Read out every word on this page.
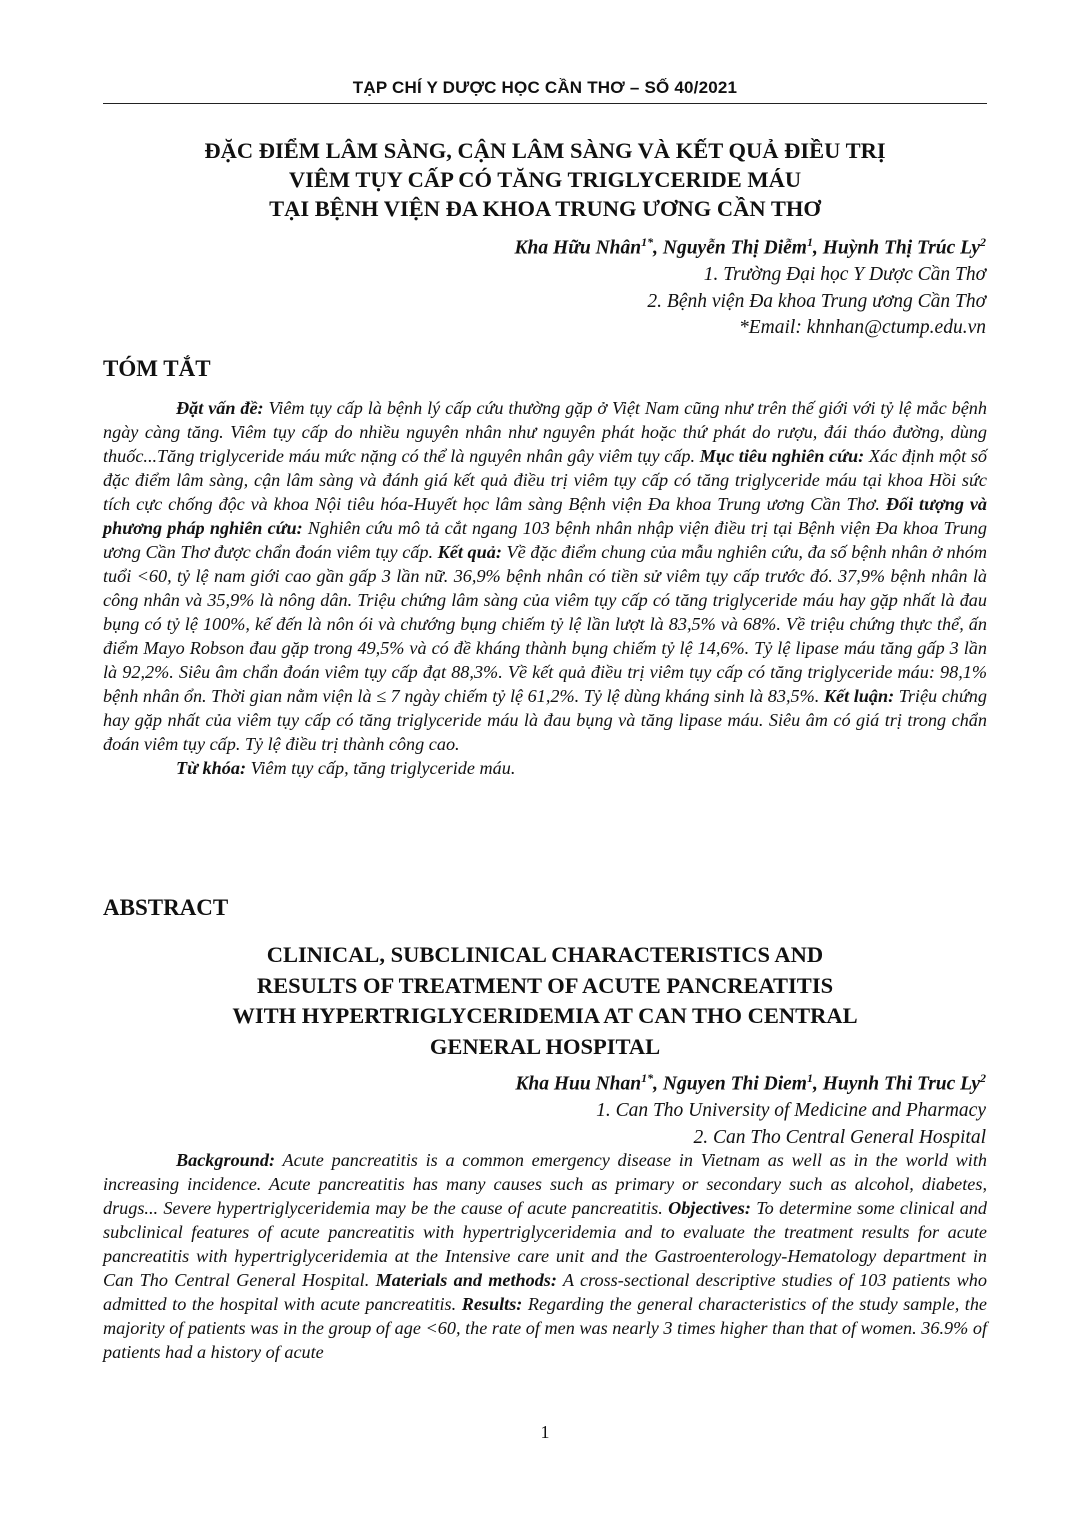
TẠP CHÍ Y DƯỢC HỌC CẦN THƠ – SỐ 40/2021
ĐẶC ĐIỂM LÂM SÀNG, CẬN LÂM SÀNG VÀ KẾT QUẢ ĐIỀU TRỊ
VIÊM TỤY CẤP CÓ TĂNG TRIGLYCERIDE MÁU
TẠI BỆNH VIỆN ĐA KHOA TRUNG ƯƠNG CẦN THƠ
Kha Hữu Nhân$^{1*}$, Nguyễn Thị Diễm$^1$, Huỳnh Thị Trúc Ly$^2$
1. Trường Đại học Y Dược Cần Thơ
2. Bệnh viện Đa khoa Trung ương Cần Thơ
*Email: khnhan@ctump.edu.vn
TÓM TẮT

Đặt vấn đề: Viêm tụy cấp là bệnh lý cấp cứu thường gặp ở Việt Nam cũng như trên thế giới với tỷ lệ mắc bệnh ngày càng tăng. Viêm tụy cấp do nhiều nguyên nhân như nguyên phát hoặc thứ phát do rượu, đái tháo đường, dùng thuốc...Tăng triglyceride máu mức nặng có thể là nguyên nhân gây viêm tụy cấp. Mục tiêu nghiên cứu: Xác định một số đặc điểm lâm sàng, cận lâm sàng và đánh giá kết quả điều trị viêm tụy cấp có tăng triglyceride máu tại khoa Hồi sức tích cực chống độc và khoa Nội tiêu hóa-Huyết học lâm sàng Bệnh viện Đa khoa Trung ương Cần Thơ. Đối tượng và phương pháp nghiên cứu: Nghiên cứu mô tả cắt ngang 103 bệnh nhân nhập viện điều trị tại Bệnh viện Đa khoa Trung ương Cần Thơ được chẩn đoán viêm tụy cấp. Kết quả: Về đặc điểm chung của mẫu nghiên cứu, đa số bệnh nhân ở nhóm tuổi <60, tỷ lệ nam giới cao gần gấp 3 lần nữ. 36,9% bệnh nhân có tiền sử viêm tụy cấp trước đó. 37,9% bệnh nhân là công nhân và 35,9% là nông dân. Triệu chứng lâm sàng của viêm tụy cấp có tăng triglyceride máu hay gặp nhất là đau bụng có tỷ lệ 100%, kế đến là nôn ói và chướng bụng chiếm tỷ lệ lần lượt là 83,5% và 68%. Về triệu chứng thực thể, ấn điểm Mayo Robson đau gặp trong 49,5% và có đề kháng thành bụng chiếm tỷ lệ 14,6%. Tỷ lệ lipase máu tăng gấp 3 lần là 92,2%. Siêu âm chẩn đoán viêm tụy cấp đạt 88,3%. Về kết quả điều trị viêm tụy cấp có tăng triglyceride máu: 98,1% bệnh nhân ổn. Thời gian nằm viện là ≤ 7 ngày chiếm tỷ lệ 61,2%. Tỷ lệ dùng kháng sinh là 83,5%. Kết luận: Triệu chứng hay gặp nhất của viêm tụy cấp có tăng triglyceride máu là đau bụng và tăng lipase máu. Siêu âm có giá trị trong chẩn đoán viêm tụy cấp. Tỷ lệ điều trị thành công cao.

Từ khóa: Viêm tụy cấp, tăng triglyceride máu.

ABSTRACT
CLINICAL, SUBCLINICAL CHARACTERISTICS AND
RESULTS OF TREATMENT OF ACUTE PANCREATITIS
WITH HYPERTRIGLYCERIDEMIA AT CAN THO CENTRAL
GENERAL HOSPITAL
Kha Huu Nhan$^{1*}$, Nguyen Thi Diem$^1$, Huynh Thi Truc Ly$^2$
1. Can Tho University of Medicine and Pharmacy
2. Can Tho Central General Hospital

Background: Acute pancreatitis is a common emergency disease in Vietnam as well as in the world with increasing incidence. Acute pancreatitis has many causes such as primary or secondary such as alcohol, diabetes, drugs... Severe hypertriglyceridemia may be the cause of acute pancreatitis. Objectives: To determine some clinical and subclinical features of acute pancreatitis with hypertriglyceridemia and to evaluate the treatment results for acute pancreatitis with hypertriglyceridemia at the Intensive care unit and the Gastroenterology-Hematology department in Can Tho Central General Hospital. Materials and methods: A cross-sectional descriptive studies of 103 patients who admitted to the hospital with acute pancreatitis. Results: Regarding the general characteristics of the study sample, the majority of patients was in the group of age <60, the rate of men was nearly 3 times higher than that of women. 36.9% of patients had a history of acute

1
